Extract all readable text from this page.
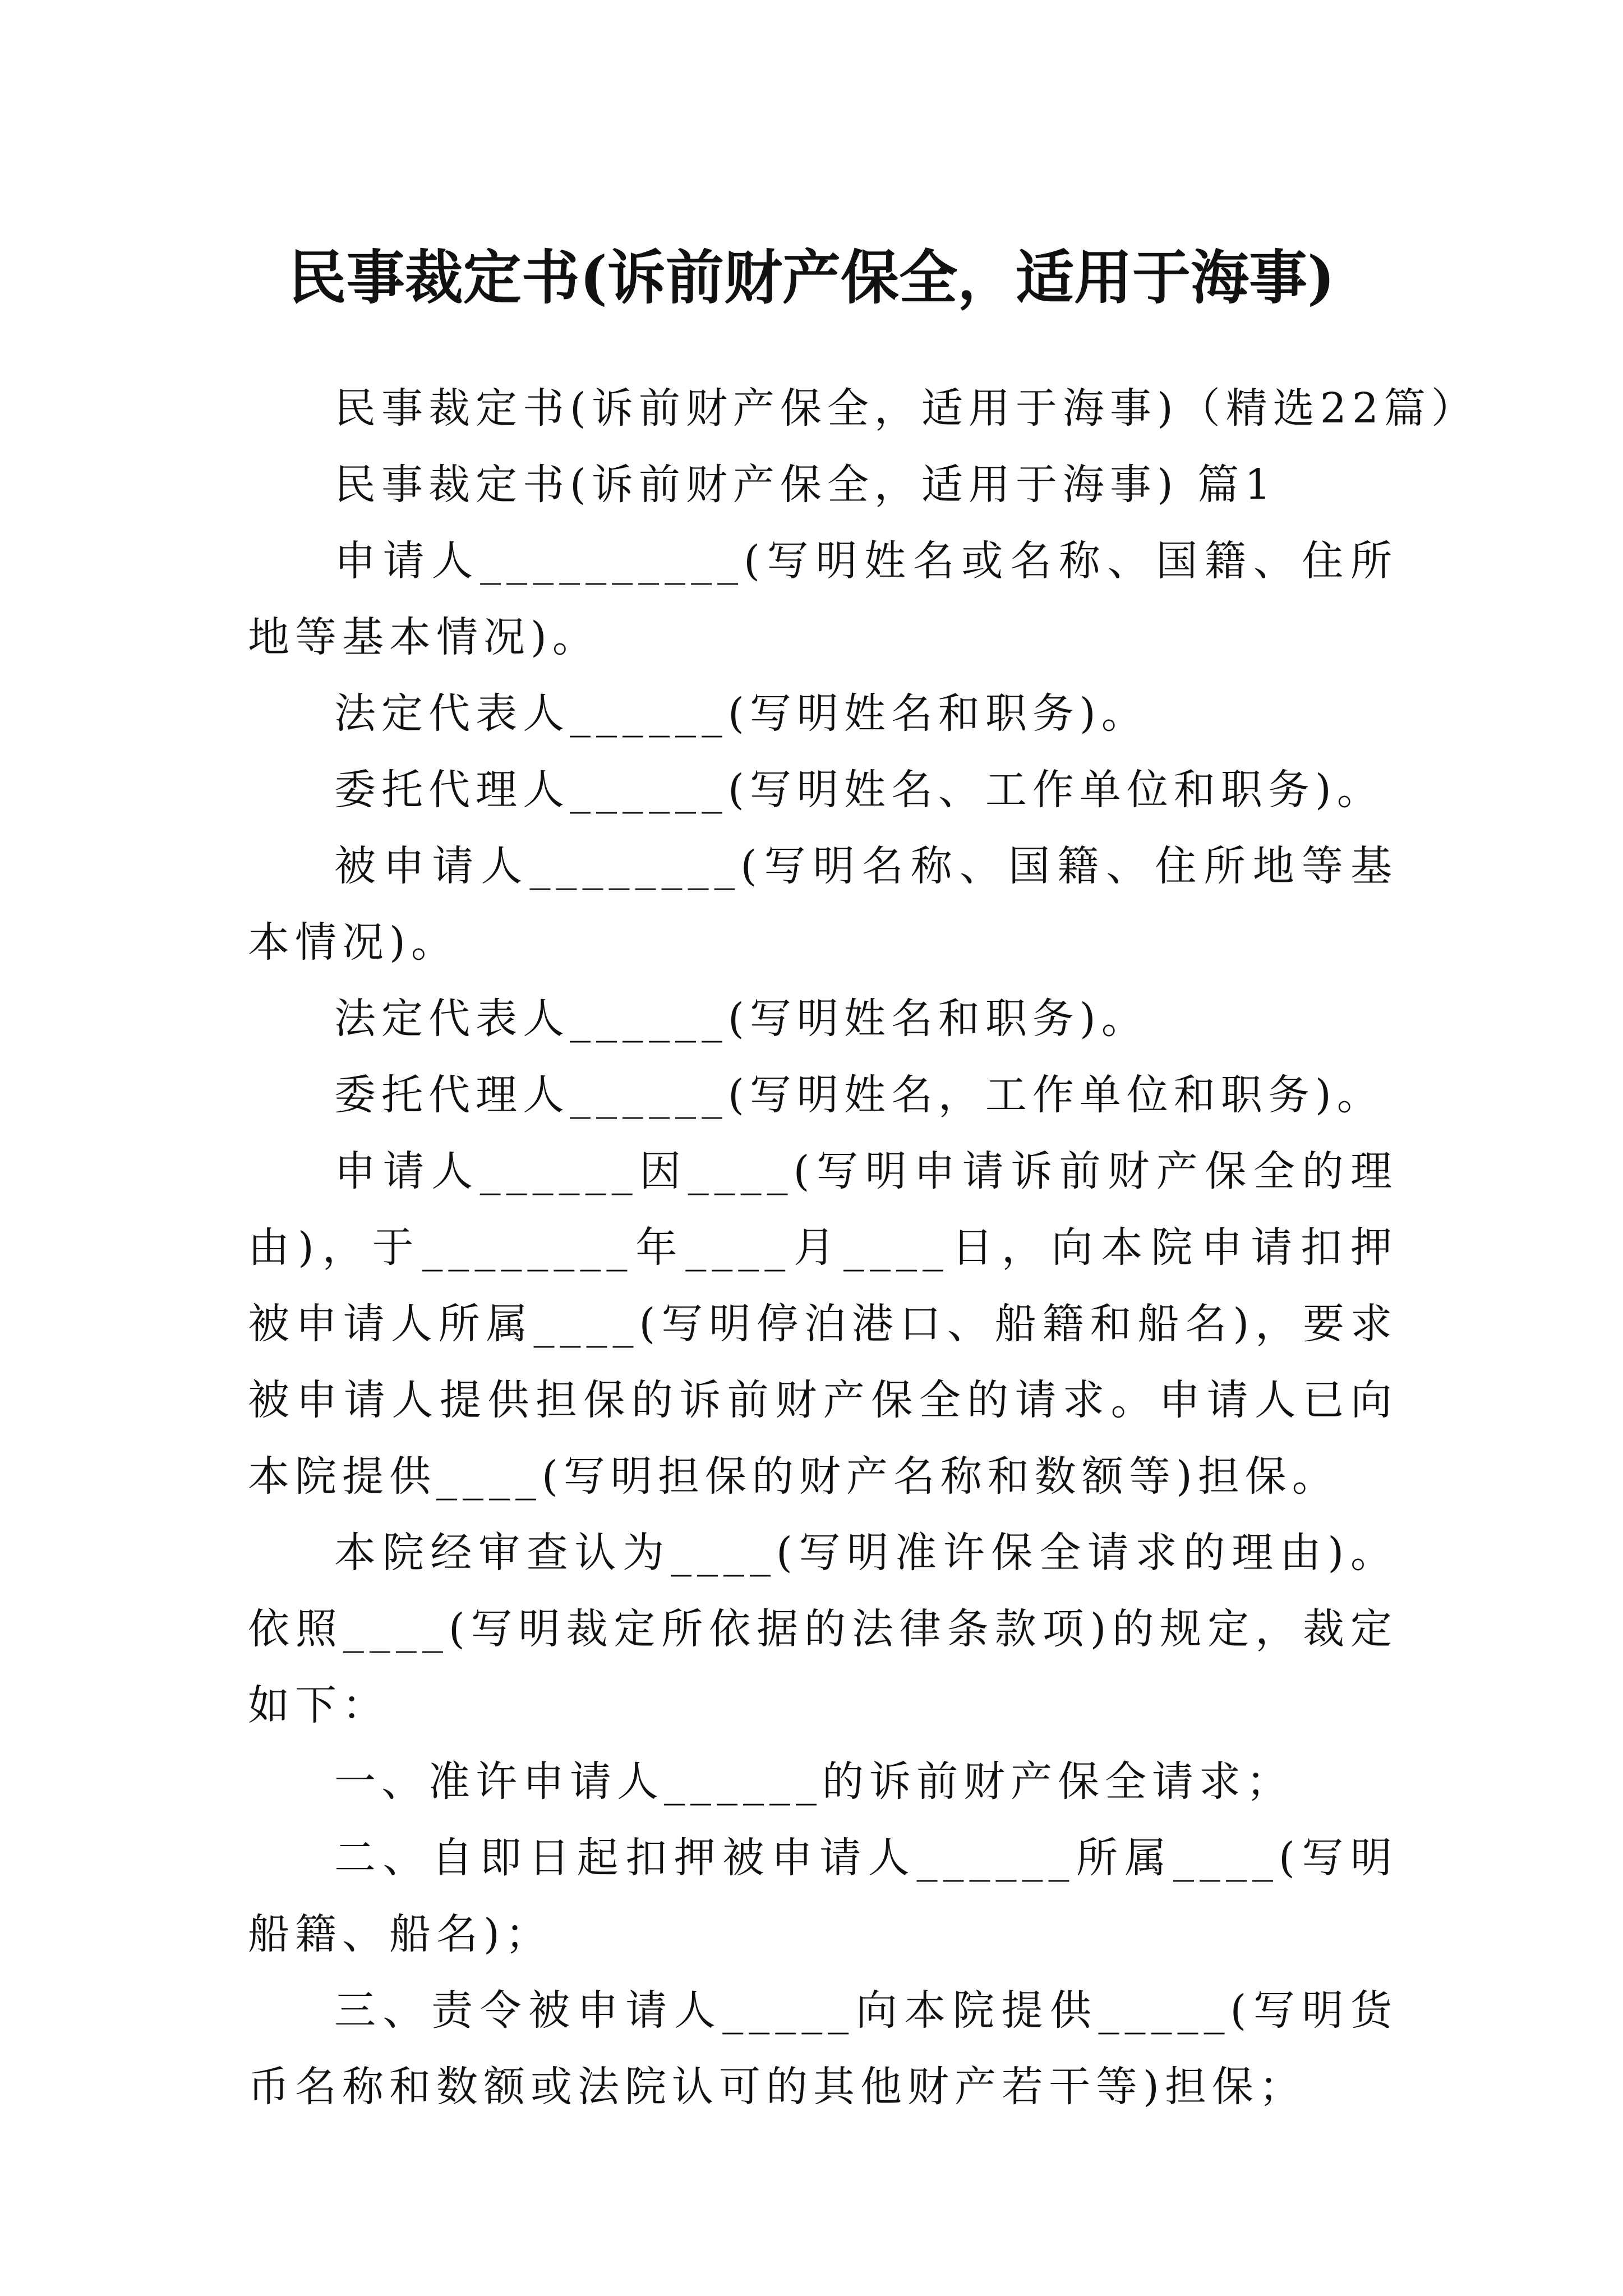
民事裁定书(诉前财产保全，适用于海事)

民事裁定书(诉前财产保全，适用于海事)（精选22篇）

民事裁定书(诉前财产保全，适用于海事) 篇1

申请人__________(写明姓名或名称、国籍、住所地等基本情况)。

法定代表人______(写明姓名和职务)。

委托代理人______(写明姓名、工作单位和职务)。

被申请人________(写明名称、国籍、住所地等基本情况)。

法定代表人______(写明姓名和职务)。

委托代理人______(写明姓名，工作单位和职务)。

申请人______因____(写明申请诉前财产保全的理由)，于________年____月____日，向本院申请扣押被申请人所属____(写明停泊港口、船籍和船名)，要求被申请人提供担保的诉前财产保全的请求。申请人已向本院提供____(写明担保的财产名称和数额等)担保。

本院经审查认为____(写明准许保全请求的理由)。依照____(写明裁定所依据的法律条款项)的规定，裁定如下：

一、准许申请人______的诉前财产保全请求；

二、自即日起扣押被申请人______所属____(写明船籍、船名)；

三、责令被申请人_____向本院提供_____(写明货币名称和数额或法院认可的其他财产若干等)担保；
